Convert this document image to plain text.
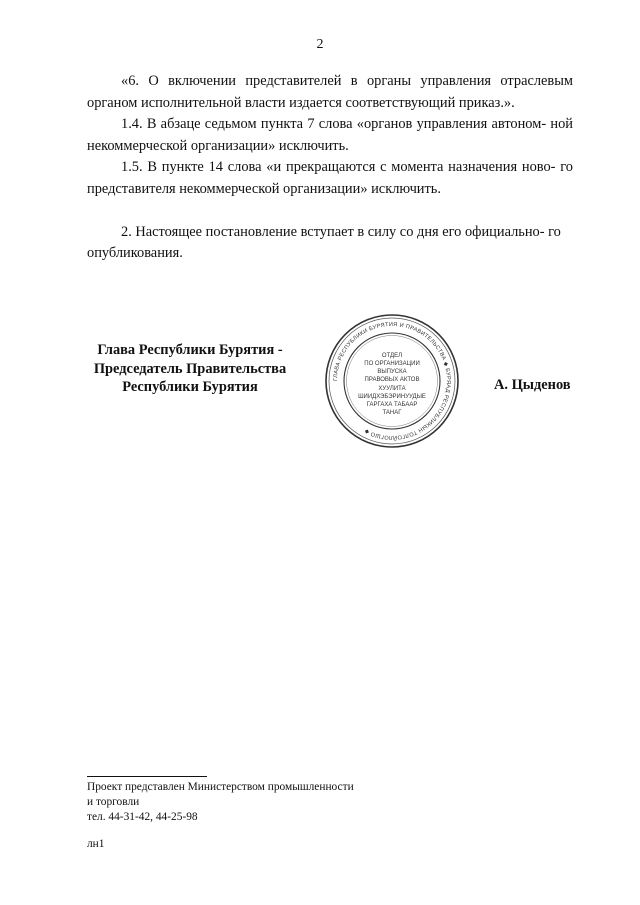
2

«6. О включении представителей в органы управления отраслевым органом исполнительной власти издается соответствующий приказ.».

1.4. В абзаце седьмом пункта 7 слова «органов управления автоном- ной некоммерческой организации» исключить.

1.5. В пункте 14 слова «и прекращаются с момента назначения ново- го представителя некоммерческой организации» исключить.

2. Настоящее постановление вступает в силу со дня его официально- го опубликования.

Глава Республики Бурятия -
Председатель Правительства
Республики Бурятия	ГЛАВА РЕСПУБЛИКИ БУРЯТИЯ И ПРАВИТЕЛЬСТВА ◆ БУРЯАД РЕСПУБЛИКЫН ТОЛГОЙЛОГШО ◆
ОТДЕЛ
ПО ОРГАНИЗАЦИИ
ВЫПУСКА
ПРАВОВЫХ АКТОВ
ХУУЛИТА
ШИИДХЭБЭРИНУУДЫЕ
ГАРГАХА ТАБААР
ТАНАГ
А. Цыденов
Проект представлен Министерством промышленности
и торговли
тел. 44-31-42, 44-25-98
лн1
